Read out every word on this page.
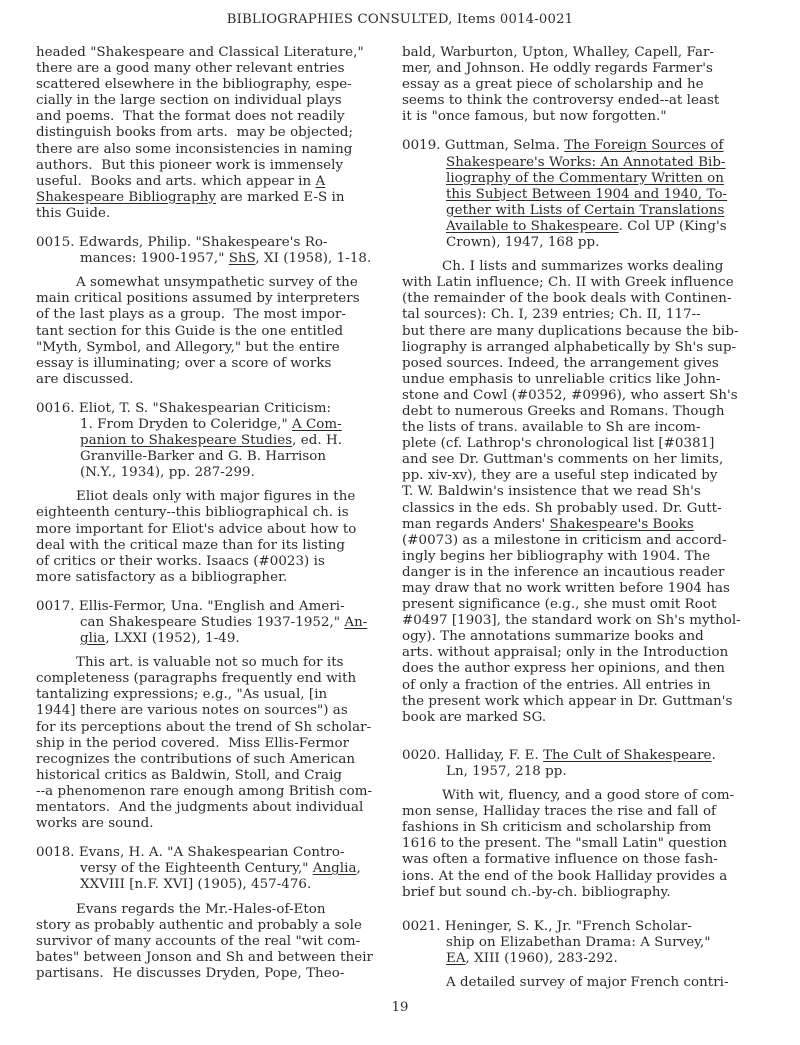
BIBLIOGRAPHIES CONSULTED, Items 0014-0021
headed "Shakespeare and Classical Literature,"
there are a good many other relevant entries
scattered elsewhere in the bibliography, espe-
cially in the large section on individual plays
and poems.  That the format does not readily
distinguish books from arts.  may be objected;
there are also some inconsistencies in naming
authors.  But this pioneer work is immensely
useful.  Books and arts. which appear in A
Shakespeare Bibliography are marked E-S in
this Guide.
0015. Edwards, Philip. "Shakespeare's Ro-
mances: 1900-1957," ShS, XI (1958), 1-18.
A somewhat unsympathetic survey of the
main critical positions assumed by interpreters
of the last plays as a group.  The most impor-
tant section for this Guide is the one entitled
"Myth, Symbol, and Allegory," but the entire
essay is illuminating; over a score of works
are discussed.
0016. Eliot, T. S. "Shakespearian Criticism:
1. From Dryden to Coleridge," A Com-
panion to Shakespeare Studies, ed. H.
Granville-Barker and G. B. Harrison
(N.Y., 1934), pp. 287-299.
Eliot deals only with major figures in the
eighteenth century--this bibliographical ch. is
more important for Eliot's advice about how to
deal with the critical maze than for its listing
of critics or their works. Isaacs (#0023) is
more satisfactory as a bibliographer.
0017. Ellis-Fermor, Una. "English and Ameri-
can Shakespeare Studies 1937-1952," An-
glia, LXXI (1952), 1-49.
This art. is valuable not so much for its
completeness (paragraphs frequently end with
tantalizing expressions; e.g., "As usual, [in
1944] there are various notes on sources") as
for its perceptions about the trend of Sh scholar-
ship in the period covered.  Miss Ellis-Fermor
recognizes the contributions of such American
historical critics as Baldwin, Stoll, and Craig
--a phenomenon rare enough among British com-
mentators.  And the judgments about individual
works are sound.
0018. Evans, H. A. "A Shakespearian Contro-
versy of the Eighteenth Century," Anglia,
XXVIII [n.F. XVI] (1905), 457-476.
Evans regards the Mr.-Hales-of-Eton
story as probably authentic and probably a sole
survivor of many accounts of the real "wit com-
bates" between Jonson and Sh and between their
partisans.  He discusses Dryden, Pope, Theo-
bald, Warburton, Upton, Whalley, Capell, Far-
mer, and Johnson. He oddly regards Farmer's
essay as a great piece of scholarship and he
seems to think the controversy ended--at least
it is "once famous, but now forgotten."
0019. Guttman, Selma. The Foreign Sources of
Shakespeare's Works: An Annotated Bib-
liography of the Commentary Written on
this Subject Between 1904 and 1940, To-
gether with Lists of Certain Translations
Available to Shakespeare. Col UP (King's
Crown), 1947, 168 pp.
Ch. I lists and summarizes works dealing
with Latin influence; Ch. II with Greek influence
(the remainder of the book deals with Continen-
tal sources): Ch. I, 239 entries; Ch. II, 117--
but there are many duplications because the bib-
liography is arranged alphabetically by Sh's sup-
posed sources. Indeed, the arrangement gives
undue emphasis to unreliable critics like John-
stone and Cowl (#0352, #0996), who assert Sh's
debt to numerous Greeks and Romans. Though
the lists of trans. available to Sh are incom-
plete (cf. Lathrop's chronological list [#0381]
and see Dr. Guttman's comments on her limits,
pp. xiv-xv), they are a useful step indicated by
T. W. Baldwin's insistence that we read Sh's
classics in the eds. Sh probably used. Dr. Gutt-
man regards Anders' Shakespeare's Books
(#0073) as a milestone in criticism and accord-
ingly begins her bibliography with 1904. The
danger is in the inference an incautious reader
may draw that no work written before 1904 has
present significance (e.g., she must omit Root
#0497 [1903], the standard work on Sh's mythol-
ogy). The annotations summarize books and
arts. without appraisal; only in the Introduction
does the author express her opinions, and then
of only a fraction of the entries. All entries in
the present work which appear in Dr. Guttman's
book are marked SG.
0020. Halliday, F. E. The Cult of Shakespeare.
Ln, 1957, 218 pp.
With wit, fluency, and a good store of com-
mon sense, Halliday traces the rise and fall of
fashions in Sh criticism and scholarship from
1616 to the present. The "small Latin" question
was often a formative influence on those fash-
ions. At the end of the book Halliday provides a
brief but sound ch.-by-ch. bibliography.
0021. Heninger, S. K., Jr. "French Scholar-
ship on Elizabethan Drama: A Survey,"
EA, XIII (1960), 283-292.
A detailed survey of major French contri-
19
